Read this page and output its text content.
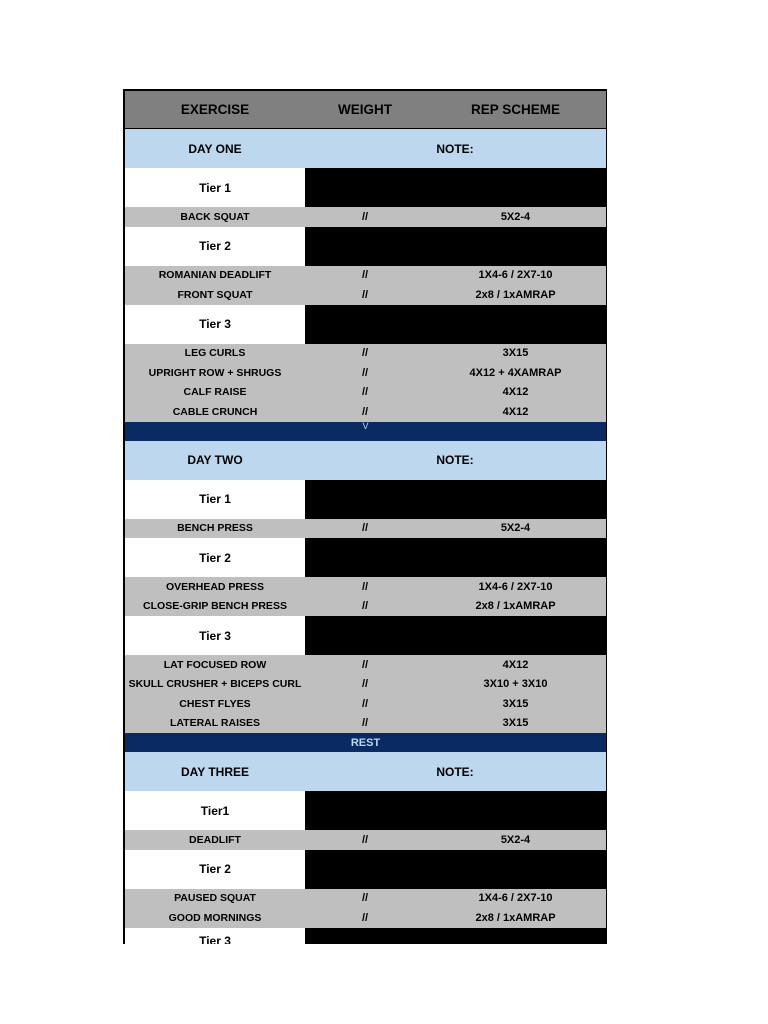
EXERCISE	WEIGHT	REP SCHEME
DAY ONE	NOTE:
Tier 1
BACK SQUAT	//	5X2-4
Tier 2
ROMANIAN DEADLIFT	//	1X4-6 / 2X7-10
FRONT SQUAT	//	2x8 / 1xAMRAP
Tier 3
LEG CURLS	//	3X15
UPRIGHT ROW + SHRUGS	//	4X12 + 4XAMRAP
CALF RAISE	//	4X12
CABLE CRUNCH	//	4X12
V
DAY TWO	NOTE:
Tier 1
BENCH PRESS	//	5X2-4
Tier 2
OVERHEAD PRESS	//	1X4-6 / 2X7-10
CLOSE-GRIP BENCH PRESS	//	2x8 / 1xAMRAP
Tier 3
LAT FOCUSED ROW	//	4X12
SKULL CRUSHER + BICEPS CURL	//	3X10 + 3X10
CHEST FLYES	//	3X15
LATERAL RAISES	//	3X15
REST
DAY THREE	NOTE:
Tier1
DEADLIFT	//	5X2-4
Tier 2
PAUSED SQUAT	//	1X4-6 / 2X7-10
GOOD MORNINGS	//	2x8 / 1xAMRAP
Tier 3
